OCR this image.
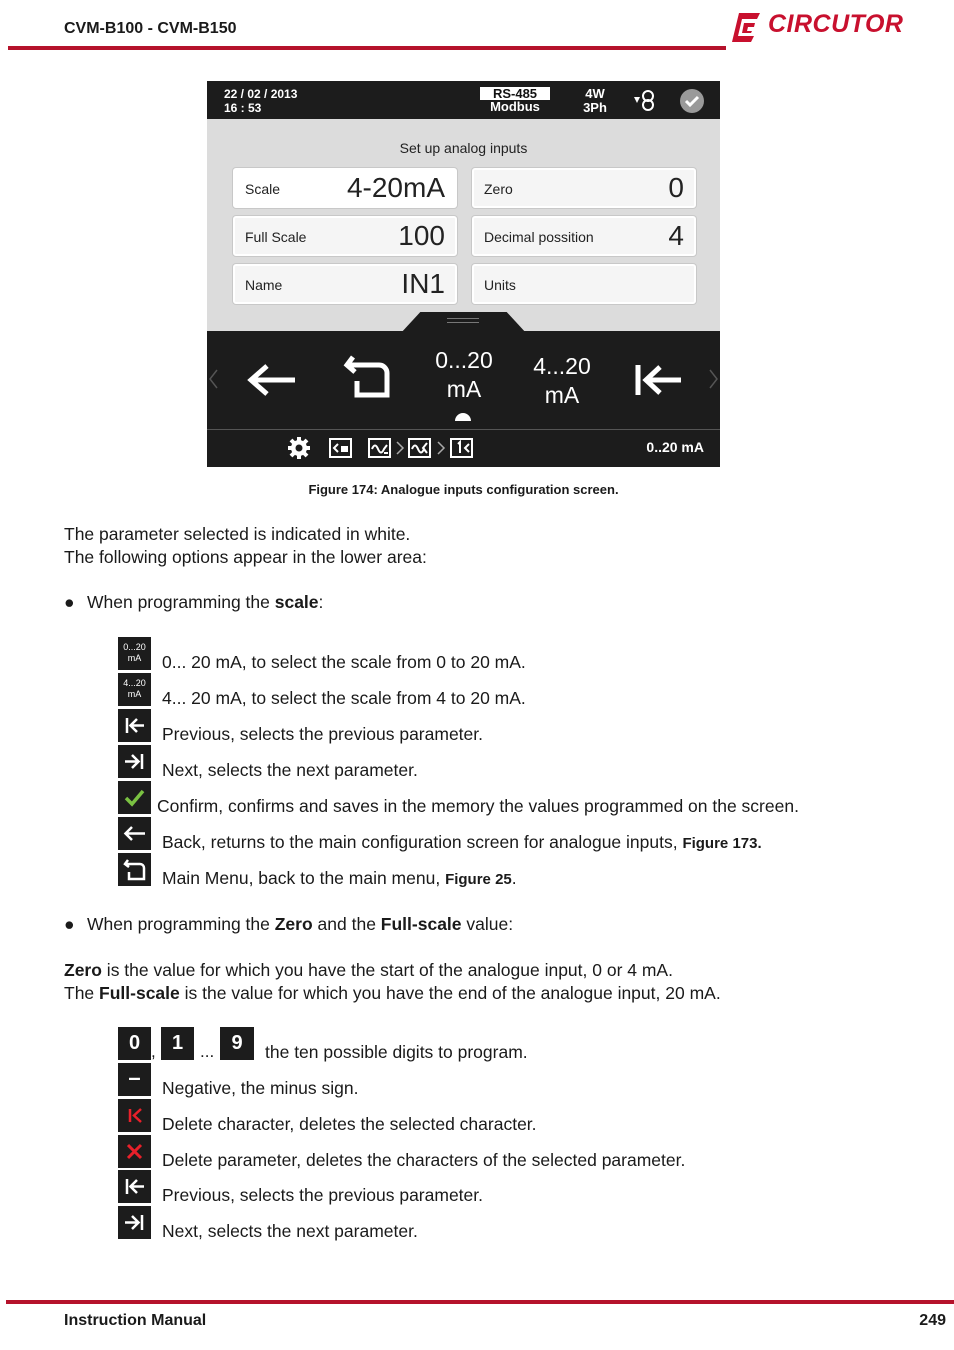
CVM-B100 - CVM-B150	CIRCUTOR
22 / 02 / 2013
16 : 53
RS-485
Modbus
4W
3Ph
Set up analog inputs
Scale 4-20mA	Zero	0
Full Scale	100	Decimal possition	4
Name	IN1	Units
0...20
mA
4...20
mA
0..20 mA
Figure 174: Analogue inputs configuration screen.
The parameter selected is indicated in white.
The following options appear in the lower area:
● When programming the scale:
0...20
mA	0... 20 mA, to select the scale from 0 to 20 mA.
4...20
mA	4... 20 mA, to select the scale from 4 to 20 mA.
Previous, selects the previous parameter.
Next, selects the next parameter.
Confirm, confirms and saves in the memory the values programmed on the screen.
Back, returns to the main configuration screen for analogue inputs, Figure 173.
Main Menu, back to the main menu, Figure 25.
● When programming the Zero and the Full-scale value:
Zero is the value for which you have the start of the analogue input, 0 or 4 mA.
The Full-scale is the value for which you have the end of the analogue input, 20 mA.
0 , 1 ... 9	the ten possible digits to program.
–	Negative, the minus sign.
Delete character, deletes the selected character.
Delete parameter, deletes the characters of the selected parameter.
Previous, selects the previous parameter.
Next, selects the next parameter.
Instruction Manual	249
